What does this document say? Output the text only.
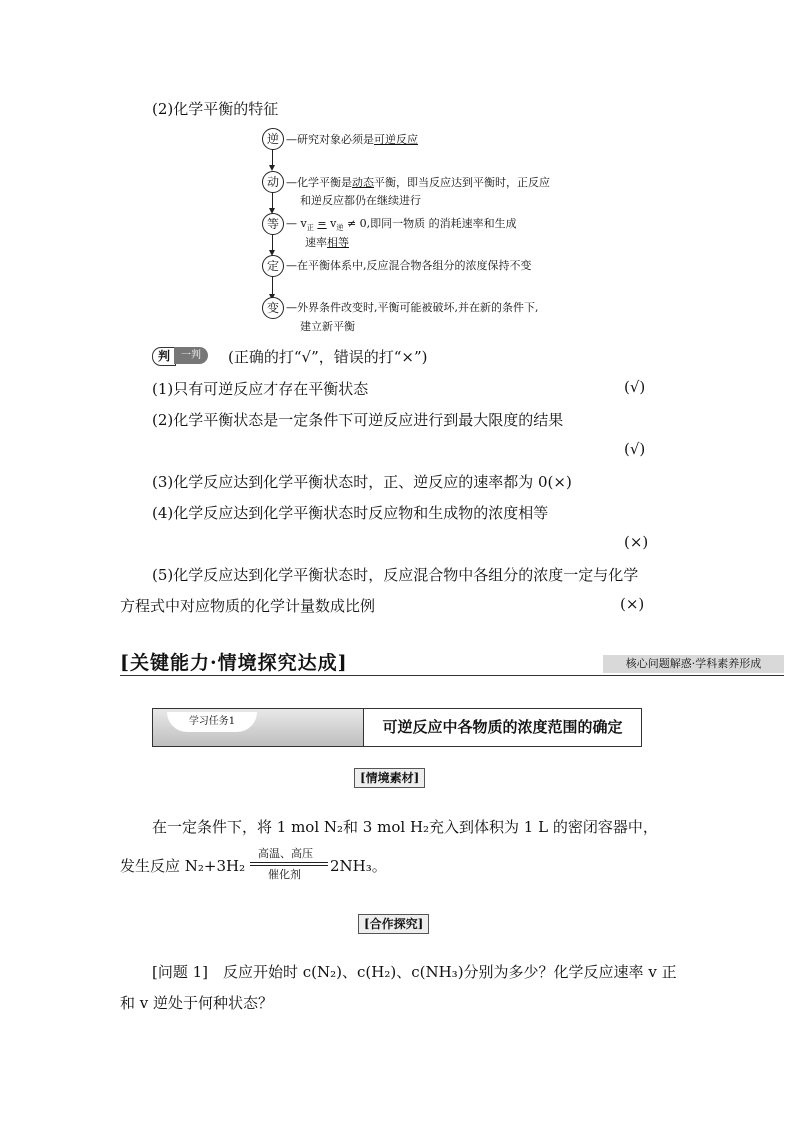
(2)化学平衡的特征
逆 —研究对象必须是可逆反应
动 —化学平衡是动态平衡，即当反应达到平衡时，正反应
和逆反应都仍在继续进行
等 — $v_正 = v_逆 \ne 0$,即同一物质 的消耗速率和生成
速率相等
定 —在平衡体系中,反应混合物各组分的浓度保持不变
变 —外界条件改变时,平衡可能被破坏,并在新的条件下,
建立新平衡
判	一判	(正确的打“√”，错误的打“×”)
(1)只有可逆反应才存在平衡状态	(√)
(2)化学平衡状态是一定条件下可逆反应进行到最大限度的结果
(√)
(3)化学反应达到化学平衡状态时，正、逆反应的速率都为 0(×)
(4)化学反应达到化学平衡状态时反应物和生成物的浓度相等
(×)
(5)化学反应达到化学平衡状态时，反应混合物中各组分的浓度一定与化学
方程式中对应物质的化学计量数成比例	(×)
[关键能力·情境探究达成]	核心问题解惑·学科素养形成
学习任务1	可逆反应中各物质的浓度范围的确定
[情境素材]
在一定条件下，将 1 mol N₂和 3 mol H₂充入到体积为 1 L 的密闭容器中，
发生反应 N₂+3H₂
高温、高压
催化剂 2NH₃。
[合作探究]
[问题 1]　反应开始时 c(N₂)、c(H₂)、c(NH₃)分别为多少？化学反应速率 v 正
和 v 逆处于何种状态？
